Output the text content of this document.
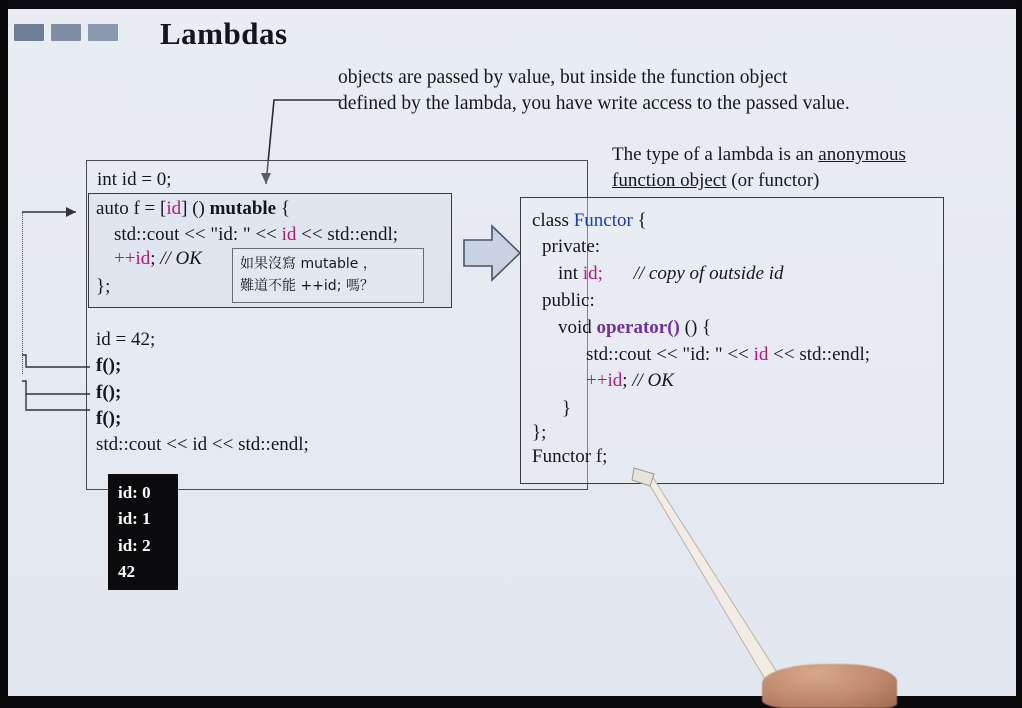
Lambdas
objects are passed by value, but inside the function object
defined by the lambda, you have write access to the passed value.
The type of a lambda is an anonymous
function object (or functor)
int id = 0;
auto f = [id] () mutable {
std::cout << "id: " << id << std::endl;
++id; // OK
};
id = 42;
f();
f();
f();
std::cout << id << std::endl;
如果沒寫 mutable ，
難道不能 ++id; 嗎？
id: 0
id: 1
id: 2
42
class Functor {
private:
int id; // copy of outside id
public:
void operator() () {
std::cout << "id: " << id << std::endl;
++id; // OK
}
};
Functor f;
